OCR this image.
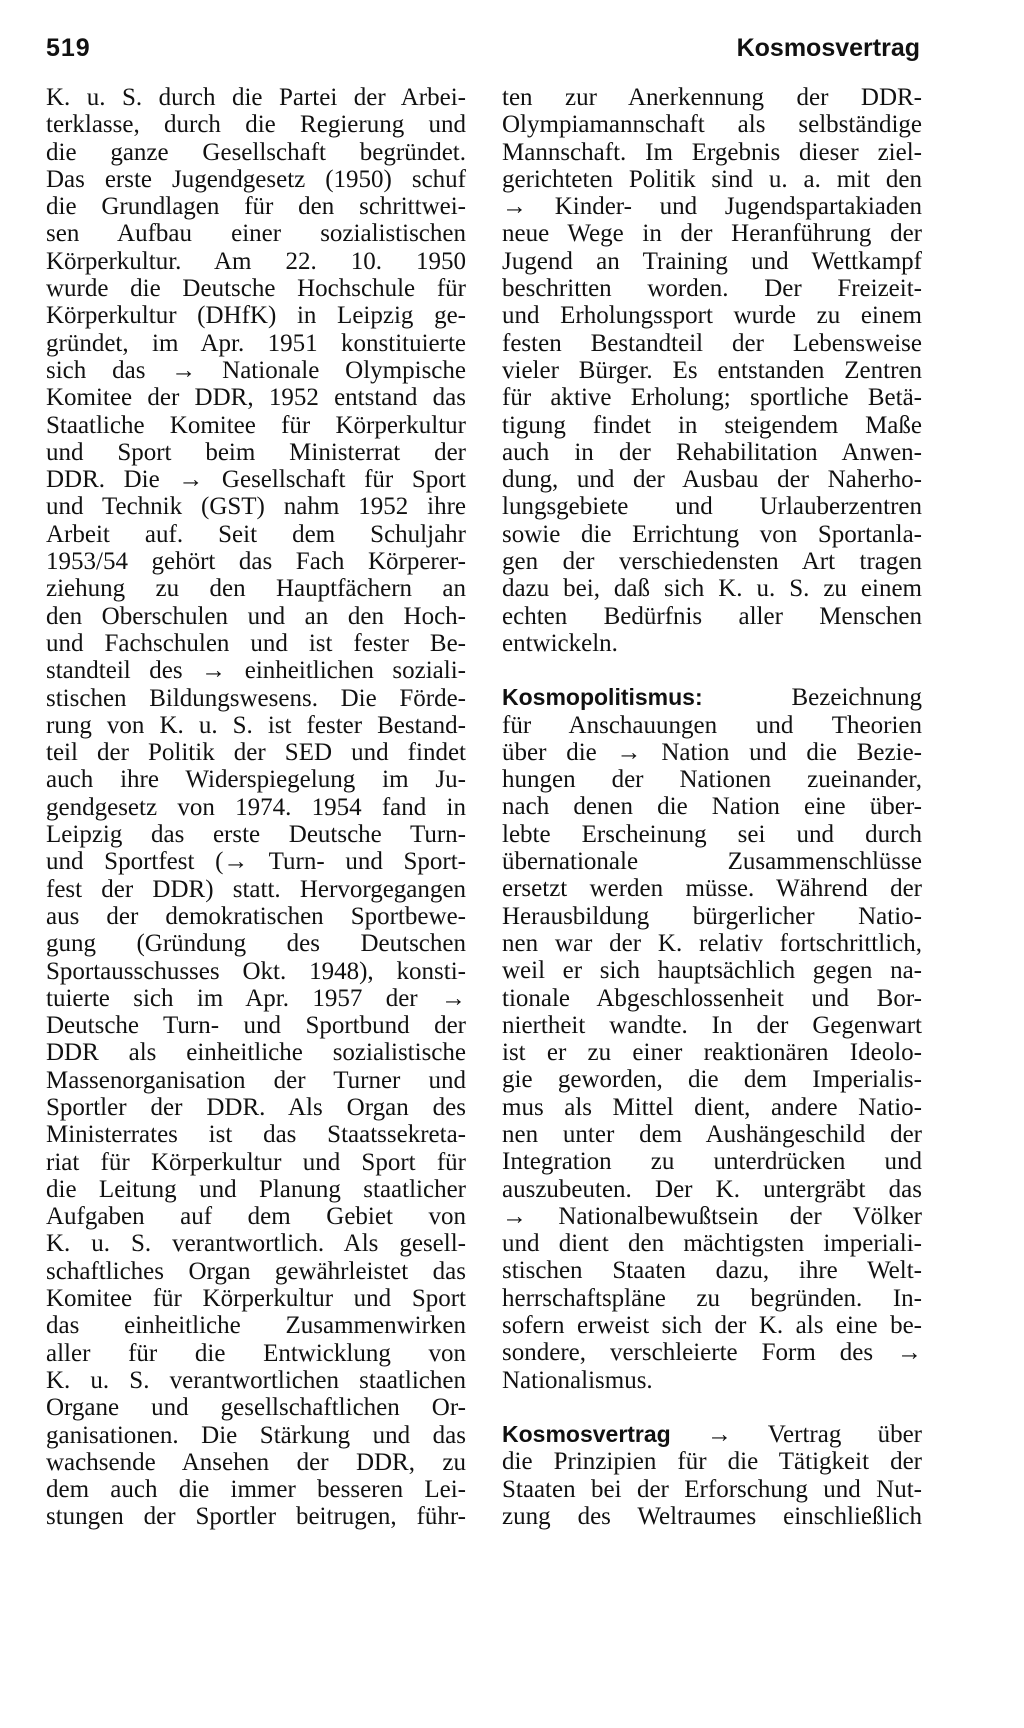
519	Kosmosvertrag
K. u. S. durch die Partei der Arbei-
terklasse, durch die Regierung und
die ganze Gesellschaft begründet.
Das erste Jugendgesetz (1950) schuf
die Grundlagen für den schrittwei-
sen Aufbau einer sozialistischen
Körperkultur. Am 22. 10. 1950
wurde die Deutsche Hochschule für
Körperkultur (DHfK) in Leipzig ge-
gründet, im Apr. 1951 konstituierte
sich das → Nationale Olympische
Komitee der DDR, 1952 entstand das
Staatliche Komitee für Körperkultur
und Sport beim Ministerrat der
DDR. Die → Gesellschaft für Sport
und Technik (GST) nahm 1952 ihre
Arbeit auf. Seit dem Schuljahr
1953/54 gehört das Fach Körperer-
ziehung zu den Hauptfächern an
den Oberschulen und an den Hoch-
und Fachschulen und ist fester Be-
standteil des → einheitlichen soziali-
stischen Bildungswesens. Die Förde-
rung von K. u. S. ist fester Bestand-
teil der Politik der SED und findet
auch ihre Widerspiegelung im Ju-
gendgesetz von 1974. 1954 fand in
Leipzig das erste Deutsche Turn-
und Sportfest (→ Turn- und Sport-
fest der DDR) statt. Hervorgegangen
aus der demokratischen Sportbewe-
gung (Gründung des Deutschen
Sportausschusses Okt. 1948), konsti-
tuierte sich im Apr. 1957 der →
Deutsche Turn- und Sportbund der
DDR als einheitliche sozialistische
Massenorganisation der Turner und
Sportler der DDR. Als Organ des
Ministerrates ist das Staatssekreta-
riat für Körperkultur und Sport für
die Leitung und Planung staatlicher
Aufgaben auf dem Gebiet von
K. u. S. verantwortlich. Als gesell-
schaftliches Organ gewährleistet das
Komitee für Körperkultur und Sport
das einheitliche Zusammenwirken
aller für die Entwicklung von
K. u. S. verantwortlichen staatlichen
Organe und gesellschaftlichen Or-
ganisationen. Die Stärkung und das
wachsende Ansehen der DDR, zu
dem auch die immer besseren Lei-
stungen der Sportler beitrugen, führ-
ten zur Anerkennung der DDR-
Olympiamannschaft als selbständige
Mannschaft. Im Ergebnis dieser ziel-
gerichteten Politik sind u. a. mit den
→ Kinder- und Jugendspartakiaden
neue Wege in der Heranführung der
Jugend an Training und Wettkampf
beschritten worden. Der Freizeit-
und Erholungssport wurde zu einem
festen Bestandteil der Lebensweise
vieler Bürger. Es entstanden Zentren
für aktive Erholung; sportliche Betä-
tigung findet in steigendem Maße
auch in der Rehabilitation Anwen-
dung, und der Ausbau der Naherho-
lungsgebiete und Urlauberzentren
sowie die Errichtung von Sportanla-
gen der verschiedensten Art tragen
dazu bei, daß sich K. u. S. zu einem
echten Bedürfnis aller Menschen
entwickeln.
Kosmopolitismus:	Bezeichnung
für Anschauungen und Theorien
über die → Nation und die Bezie-
hungen der Nationen zueinander,
nach denen die Nation eine über-
lebte Erscheinung sei und durch
übernationale Zusammenschlüsse
ersetzt werden müsse. Während der
Herausbildung bürgerlicher Natio-
nen war der K. relativ fortschrittlich,
weil er sich hauptsächlich gegen na-
tionale Abgeschlossenheit und Bor-
niertheit wandte. In der Gegenwart
ist er zu einer reaktionären Ideolo-
gie geworden, die dem Imperialis-
mus als Mittel dient, andere Natio-
nen unter dem Aushängeschild der
Integration zu unterdrücken und
auszubeuten. Der K. untergräbt das
→ Nationalbewußtsein der Völker
und dient den mächtigsten imperiali-
stischen Staaten dazu, ihre Welt-
herrschaftspläne zu begründen. In-
sofern erweist sich der K. als eine be-
sondere, verschleierte Form des →
Nationalismus.
Kosmosvertrag → Vertrag über
die Prinzipien für die Tätigkeit der
Staaten bei der Erforschung und Nut-
zung des Weltraumes einschließlich
